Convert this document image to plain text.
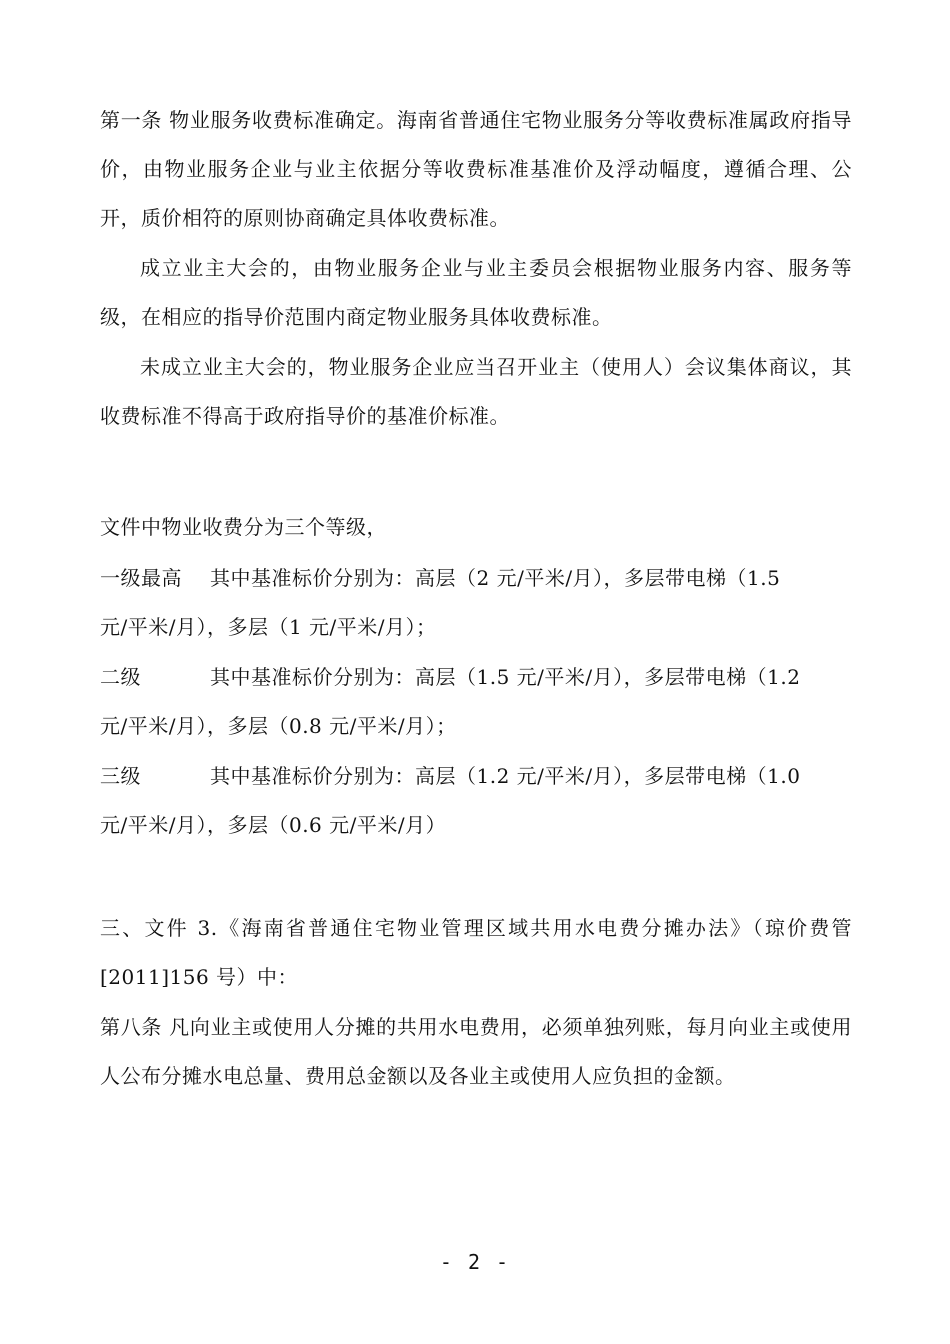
第一条 物业服务收费标准确定。海南省普通住宅物业服务分等收费标准属政府指导价，由物业服务企业与业主依据分等收费标准基准价及浮动幅度，遵循合理、公开，质价相符的原则协商确定具体收费标准。

成立业主大会的，由物业服务企业与业主委员会根据物业服务内容、服务等级，在相应的指导价范围内商定物业服务具体收费标准。

未成立业主大会的，物业服务企业应当召开业主（使用人）会议集体商议，其收费标准不得高于政府指导价的基准价标准。

文件中物业收费分为三个等级，

一级最高 其中基准标价分别为：高层（2 元/平米/月），多层带电梯（1.5
元/平米/月），多层（1 元/平米/月）；
二级	其中基准标价分别为：高层（1.5 元/平米/月），多层带电梯（1.2
元/平米/月），多层（0.8 元/平米/月）；
三级	其中基准标价分别为：高层（1.2 元/平米/月），多层带电梯（1.0
元/平米/月），多层（0.6 元/平米/月）

三、文件 3.《海南省普通住宅物业管理区域共用水电费分摊办法》（琼价费管[2011]156 号）中：

第八条 凡向业主或使用人分摊的共用水电费用，必须单独列账，每月向业主或使用人公布分摊水电总量、费用总金额以及各业主或使用人应负担的金额。

- 2 -
